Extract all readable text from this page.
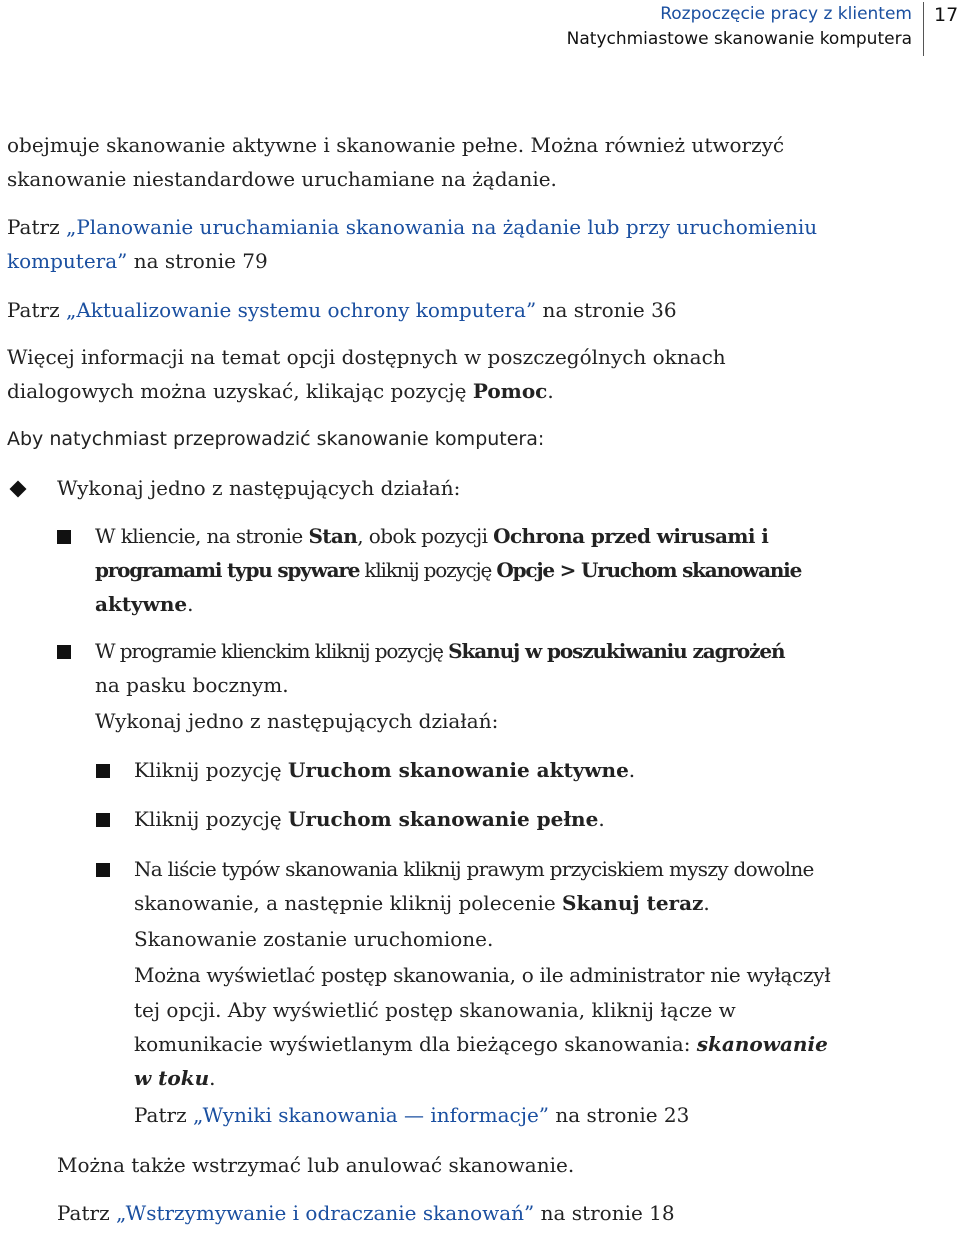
Rozpoczęcie pracy z klientem
Natychmiastowe skanowanie komputera
17
obejmuje skanowanie aktywne i skanowanie pełne. Można również utworzyć
skanowanie niestandardowe uruchamiane na żądanie.
Patrz „Planowanie uruchamiania skanowania na żądanie lub przy uruchomieniu
komputera” na stronie 79
Patrz „Aktualizowanie systemu ochrony komputera” na stronie 36
Więcej informacji na temat opcji dostępnych w poszczególnych oknach
dialogowych można uzyskać, klikając pozycję Pomoc.
Aby natychmiast przeprowadzić skanowanie komputera:
Wykonaj jedno z następujących działań:
W kliencie, na stronie Stan, obok pozycji Ochrona przed wirusami i
programami typu spyware kliknij pozycję Opcje > Uruchom skanowanie
aktywne.
W programie klienckim kliknij pozycję Skanuj w poszukiwaniu zagrożeń
na pasku bocznym.
Wykonaj jedno z następujących działań:
Kliknij pozycję Uruchom skanowanie aktywne.
Kliknij pozycję Uruchom skanowanie pełne.
Na liście typów skanowania kliknij prawym przyciskiem myszy dowolne
skanowanie, a następnie kliknij polecenie Skanuj teraz.
Skanowanie zostanie uruchomione.
Można wyświetlać postęp skanowania, o ile administrator nie wyłączył
tej opcji. Aby wyświetlić postęp skanowania, kliknij łącze w
komunikacie wyświetlanym dla bieżącego skanowania: skanowanie
w toku.
Patrz „Wyniki skanowania — informacje” na stronie 23
Można także wstrzymać lub anulować skanowanie.
Patrz „Wstrzymywanie i odraczanie skanowań” na stronie 18
